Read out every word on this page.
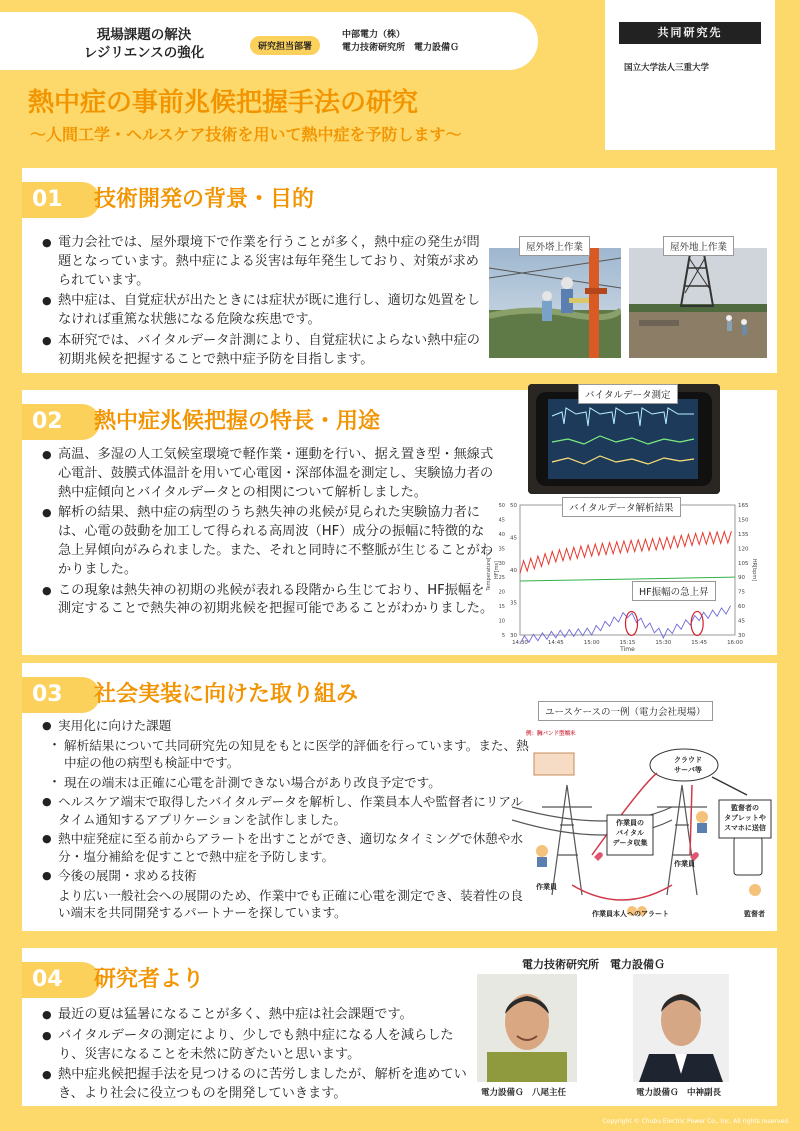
現場課題の解決
レジリエンスの強化	研究担当部署
中部電力（株）
電力技術研究所　電力設備Ｇ
共同研究先
国立大学法人三重大学
熱中症の事前兆候把握手法の研究
～人間工学・ヘルスケア技術を用いて熱中症を予防します～
01	技術開発の背景・目的
● 電力会社では、屋外環境下で作業を行うことが多く，熱中症の発生が問題となっています。熱中症による災害は毎年発生しており、対策が求められています。
● 熱中症は、自覚症状が出たときには症状が既に進行し、適切な処置をしなければ重篤な状態になる危険な疾患です。
● 本研究では、バイタルデータ計測により、自覚症状によらない熱中症の初期兆候を把握することで熱中症予防を目指します。
屋外塔上作業	屋外地上作業
02	熱中症兆候把握の特長・用途
● 高温、多湿の人工気候室環境で軽作業・運動を行い、据え置き型・無線式心電計、鼓膜式体温計を用いて心電図・深部体温を測定し、実験協力者の熱中症傾向とバイタルデータとの相関について解析しました。
● 解析の結果、熱中症の病型のうち熱失神の兆候が見られた実験協力者には、心電の鼓動を加工して得られる高周波（HF）成分の振幅に特徴的な急上昇傾向がみられました。また、それと同時に不整脈が生じることがわかりました。
● この現象は熱失神の初期の兆候が表れる段階から生じており、HF振幅を測定することで熱失神の初期兆候を把握可能であることがわかりました。
バイタルデータ測定
14:30	14:45	15:00	15:15	15:30	15:45	16:00
Time
30
35
40
45
50
5
10
15
20
25
30
35
40
45
50
30
45
60
75
90
105
120
135
150
165
Temperature[℃] HF[ms]	HR[bpm]
バイタルデータ解析結果
HF振幅の急上昇
03	社会実装に向けた取り組み
● 実用化に向けた課題
・ 解析結果について共同研究先の知見をもとに医学的評価を行っています。また、熱中症の他の病型も検証中です。
・ 現在の端末は正確に心電を計測できない場合があり改良予定です。
● ヘルスケア端末で取得したバイタルデータを解析し、作業員本人や監督者にリアルタイム通知するアプリケーションを試作しました。
● 熱中症発症に至る前からアラートを出すことができ、適切なタイミングで休憩や水分・塩分補給を促すことで熱中症を予防します。
● 今後の展開・求める技術
より広い一般社会への展開のため、作業中でも正確に心電を測定でき、装着性の良い端末を共同開発するパートナーを探しています。
ユースケースの一例（電力会社現場）
例：胸バンド型端末
クラウド
サーバ等
作業員の
バイタル
データ収集
監督者の
タブレットや
スマホに送信
作業員
作業員
作業員本人へのアラート	監督者
04	研究者より
● 最近の夏は猛暑になることが多く、熱中症は社会課題です。
● バイタルデータの測定により、少しでも熱中症になる人を減らしたり、災害になることを未然に防ぎたいと思います。
● 熱中症兆候把握手法を見つけるのに苦労しましたが、解析を進めていき、より社会に役立つものを開発していきます。
電力技術研究所　電力設備Ｇ
電力設備Ｇ　八尾主任	電力設備Ｇ　中神副長
Copyright © Chubu Electric Power Co., Inc. All rights reserved.
